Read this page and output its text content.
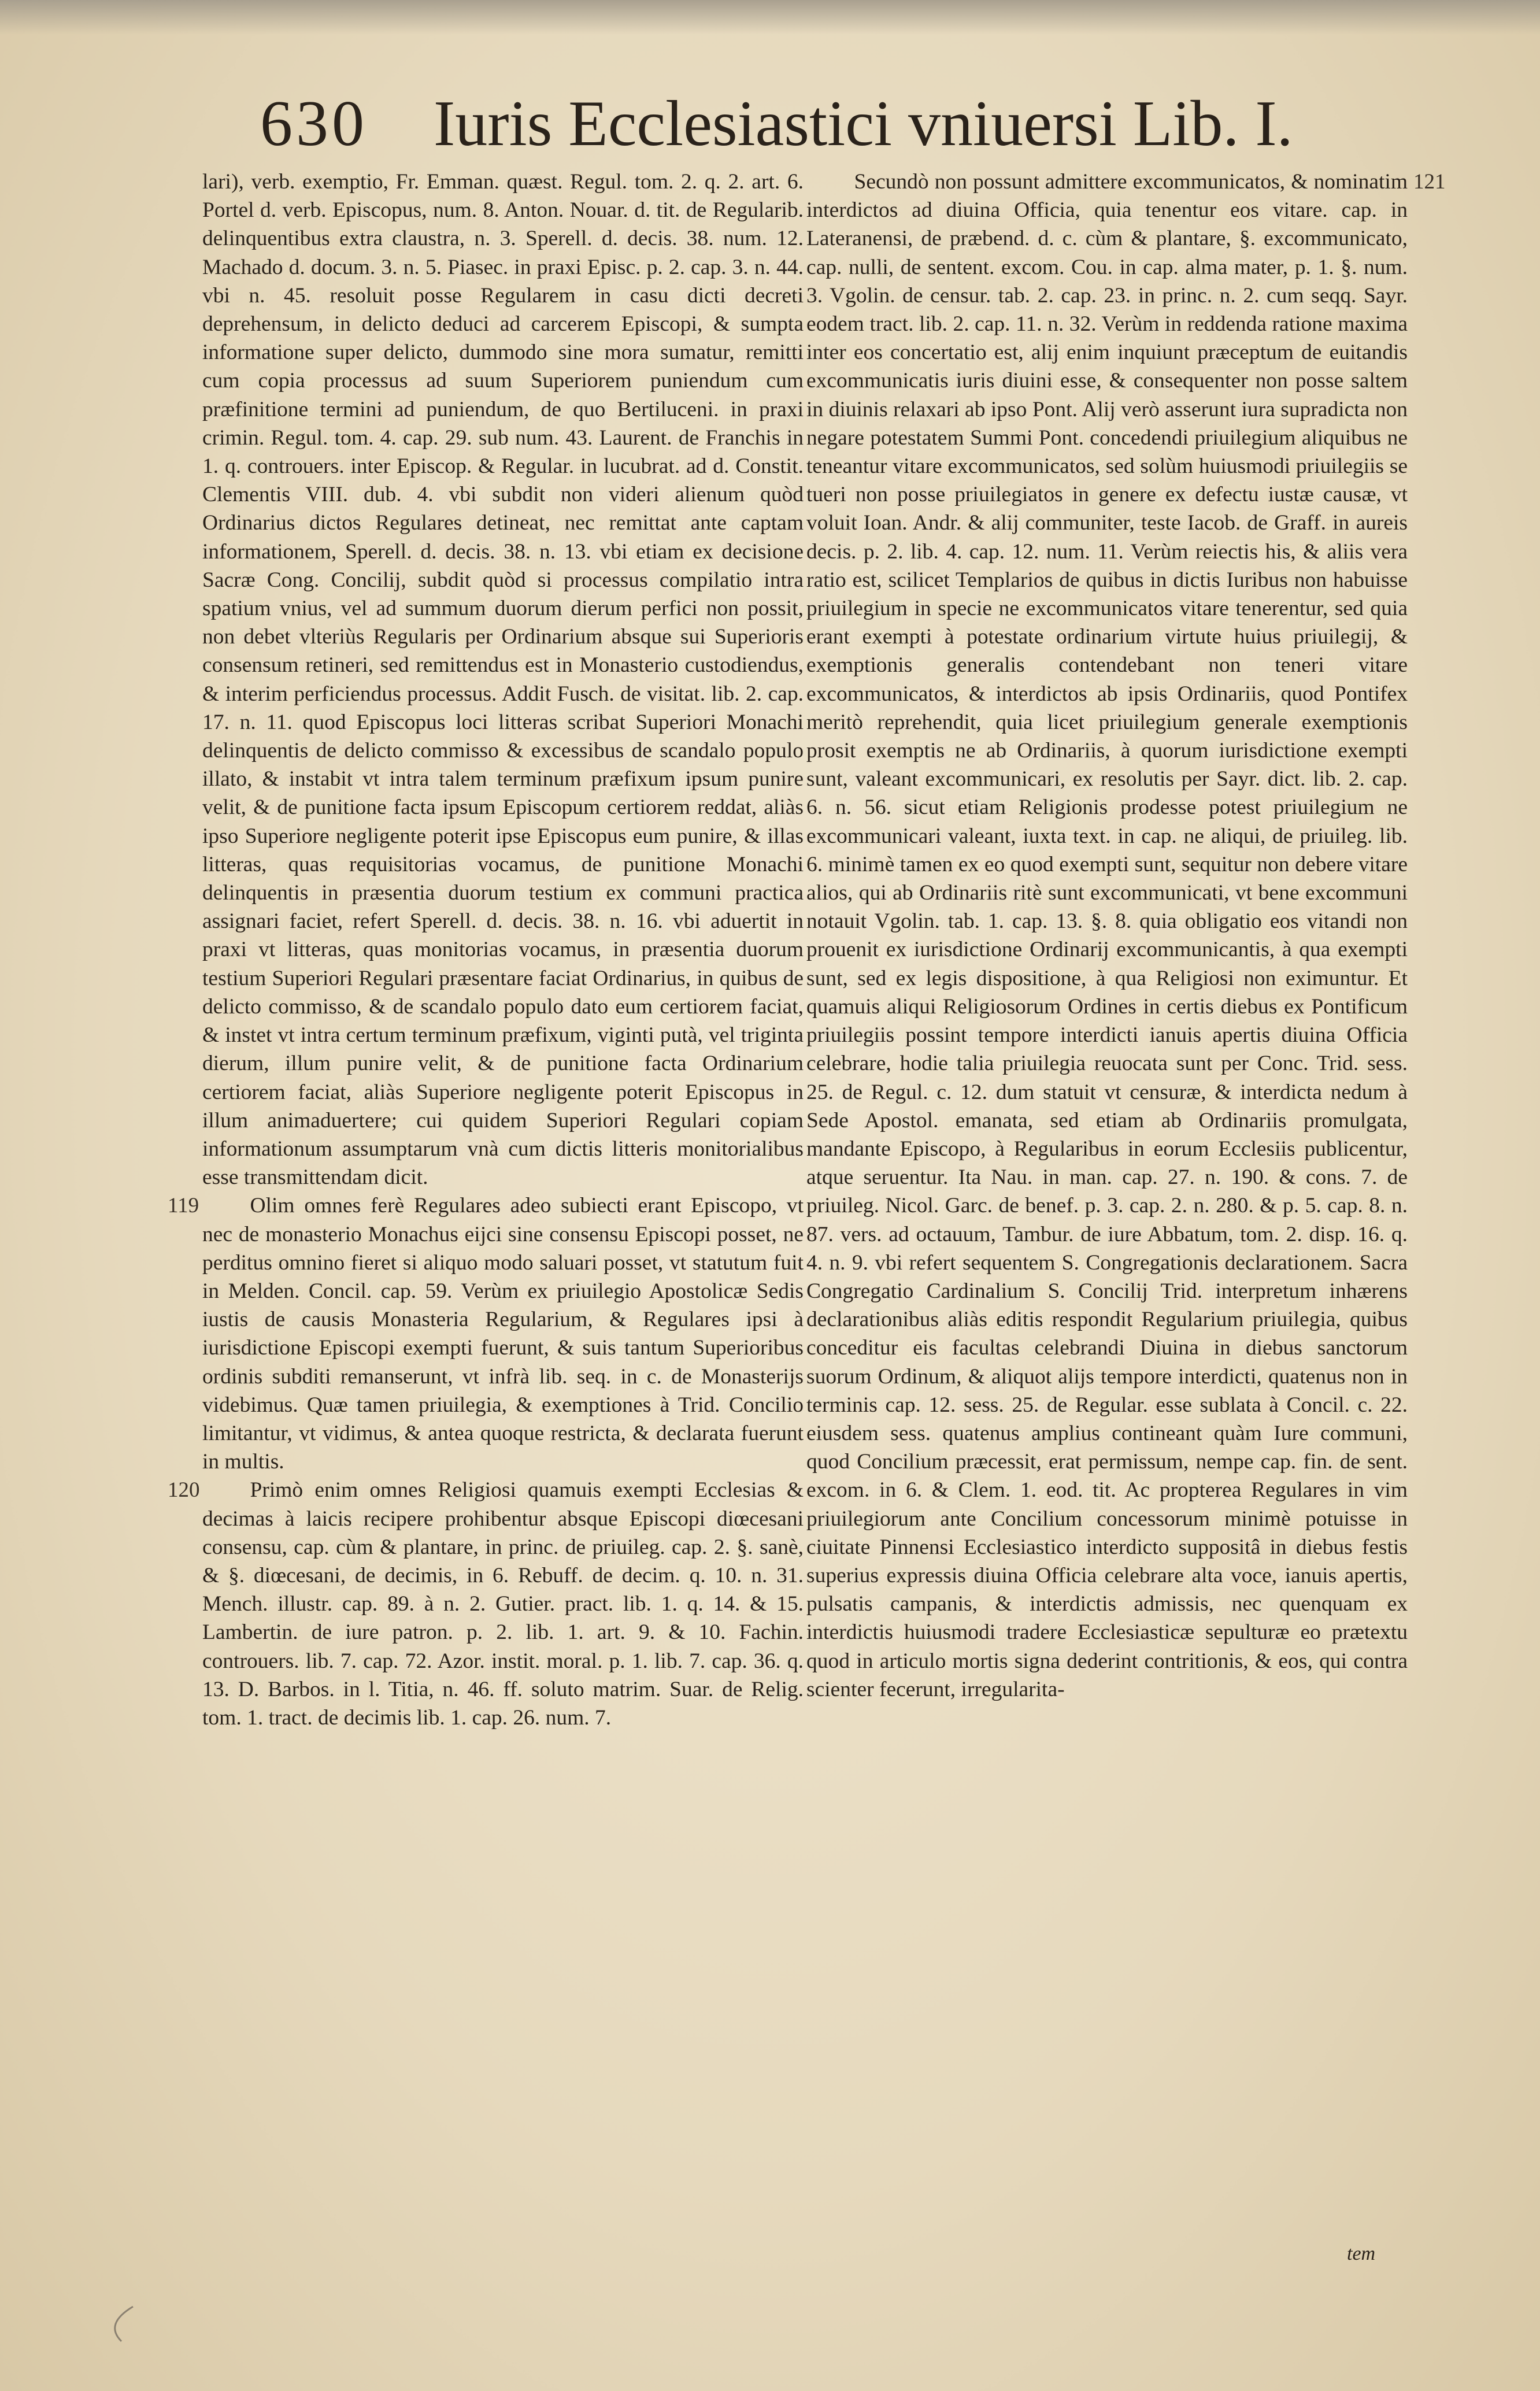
630 Iuris Ecclesiastici vniuersi Lib. I.

lari), verb. exemptio, Fr. Emman. quæst. Regul. tom. 2. q. 2. art. 6. Portel d. verb. Episcopus, num. 8. Anton. Nouar. d. tit. de Regularib. delinquentibus extra claustra, n. 3. Sperell. d. decis. 38. num. 12. Machado d. docum. 3. n. 5. Piasec. in praxi Episc. p. 2. cap. 3. n. 44. vbi n. 45. resoluit posse Regularem in casu dicti decreti deprehensum, in delicto deduci ad carcerem Episcopi, & sumpta informatione super delicto, dummodo sine mora sumatur, remitti cum copia processus ad suum Superiorem puniendum cum præfinitione termini ad puniendum, de quo Bertiluceni. in praxi crimin. Regul. tom. 4. cap. 29. sub num. 43. Laurent. de Franchis in 1. q. controuers. inter Episcop. & Regular. in lucubrat. ad d. Constit. Clementis VIII. dub. 4. vbi subdit non videri alienum quòd Ordinarius dictos Regulares detineat, nec remittat ante captam informationem, Sperell. d. decis. 38. n. 13. vbi etiam ex decisione Sacræ Cong. Concilij, subdit quòd si processus compilatio intra spatium vnius, vel ad summum duorum dierum perfici non possit, non debet vlteriùs Regularis per Ordinarium absque sui Superioris consensum retineri, sed remittendus est in Monasterio custodiendus, & interim perficiendus processus. Addit Fusch. de visitat. lib. 2. cap. 17. n. 11. quod Episcopus loci litteras scribat Superiori Monachi delinquentis de delicto commisso & excessibus de scandalo populo illato, & instabit vt intra talem terminum præfixum ipsum punire velit, & de punitione facta ipsum Episcopum certiorem reddat, aliàs ipso Superiore negligente poterit ipse Episcopus eum punire, & illas litteras, quas requisitorias vocamus, de punitione Monachi delinquentis in præsentia duorum testium ex communi practica assignari faciet, refert Sperell. d. decis. 38. n. 16. vbi aduertit in praxi vt litteras, quas monitorias vocamus, in præsentia duorum testium Superiori Regulari præsentare faciat Ordinarius, in quibus de delicto commisso, & de scandalo populo dato eum certiorem faciat, & instet vt intra certum terminum præfixum, viginti putà, vel triginta dierum, illum punire velit, & de punitione facta Ordinarium certiorem faciat, aliàs Superiore negligente poterit Episcopus in illum animaduertere; cui quidem Superiori Regulari copiam informationum assumptarum vnà cum dictis litteris monitorialibus esse transmittendam dicit.

119	Olim omnes ferè Regulares adeo subiecti erant Episcopo, vt nec de monasterio Monachus eijci sine consensu Episcopi posset, ne perditus omnino fieret si aliquo modo saluari posset, vt statutum fuit in Melden. Concil. cap. 59. Verùm ex priuilegio Apostolicæ Sedis iustis de causis Monasteria Regularium, & Regulares ipsi à iurisdictione Episcopi exempti fuerunt, & suis tantum Superioribus ordinis subditi remanserunt, vt infrà lib. seq. in c. de Monasterijs videbimus. Quæ tamen priuilegia, & exemptiones à Trid. Concilio limitantur, vt vidimus, & antea quoque restricta, & declarata fuerunt in multis.

120	Primò enim omnes Religiosi quamuis exempti Ecclesias & decimas à laicis recipere prohibentur absque Episcopi diœcesani consensu, cap. cùm & plantare, in princ. de priuileg. cap. 2. §. sanè, & §. diœcesani, de decimis, in 6. Rebuff. de decim. q. 10. n. 31. Mench. illustr. cap. 89. à n. 2. Gutier. pract. lib. 1. q. 14. & 15. Lambertin. de iure patron. p. 2. lib. 1. art. 9. & 10. Fachin. controuers. lib. 7. cap. 72. Azor. instit. moral. p. 1. lib. 7. cap. 36. q. 13. D. Barbos. in l. Titia, n. 46. ff. soluto matrim. Suar. de Relig. tom. 1. tract. de decimis lib. 1. cap. 26. num. 7.

121

Secundò non possunt admittere excommunicatos, & nominatim interdictos ad diuina Officia, quia tenentur eos vitare. cap. in Lateranensi, de præbend. d. c. cùm & plantare, §. excommunicato, cap. nulli, de sentent. excom. Cou. in cap. alma mater, p. 1. §. num. 3. Vgolin. de censur. tab. 2. cap. 23. in princ. n. 2. cum seqq. Sayr. eodem tract. lib. 2. cap. 11. n. 32. Verùm in reddenda ratione maxima inter eos concertatio est, alij enim inquiunt præceptum de euitandis excommunicatis iuris diuini esse, & consequenter non posse saltem in diuinis relaxari ab ipso Pont. Alij verò asserunt iura supradicta non negare potestatem Summi Pont. concedendi priuilegium aliquibus ne teneantur vitare excommunicatos, sed solùm huiusmodi priuilegiis se tueri non posse priuilegiatos in genere ex defectu iustæ causæ, vt voluit Ioan. Andr. & alij communiter, teste Iacob. de Graff. in aureis decis. p. 2. lib. 4. cap. 12. num. 11. Verùm reiectis his, & aliis vera ratio est, scilicet Templarios de quibus in dictis Iuribus non habuisse priuilegium in specie ne excommunicatos vitare tenerentur, sed quia erant exempti à potestate ordinarium virtute huius priuilegij, & exemptionis generalis contendebant non teneri vitare excommunicatos, & interdictos ab ipsis Ordinariis, quod Pontifex meritò reprehendit, quia licet priuilegium generale exemptionis prosit exemptis ne ab Ordinariis, à quorum iurisdictione exempti sunt, valeant excommunicari, ex resolutis per Sayr. dict. lib. 2. cap. 6. n. 56. sicut etiam Religionis prodesse potest priuilegium ne excommunicari valeant, iuxta text. in cap. ne aliqui, de priuileg. lib. 6. minimè tamen ex eo quod exempti sunt, sequitur non debere vitare alios, qui ab Ordinariis ritè sunt excommunicati, vt bene excommuni notauit Vgolin. tab. 1. cap. 13. §. 8. quia obligatio eos vitandi non prouenit ex iurisdictione Ordinarij excommunicantis, à qua exempti sunt, sed ex legis dispositione, à qua Religiosi non eximuntur. Et quamuis aliqui Religiosorum Ordines in certis diebus ex Pontificum priuilegiis possint tempore interdicti ianuis apertis diuina Officia celebrare, hodie talia priuilegia reuocata sunt per Conc. Trid. sess. 25. de Regul. c. 12. dum statuit vt censuræ, & interdicta nedum à Sede Apostol. emanata, sed etiam ab Ordinariis promulgata, mandante Episcopo, à Regularibus in eorum Ecclesiis publicentur, atque seruentur. Ita Nau. in man. cap. 27. n. 190. & cons. 7. de priuileg. Nicol. Garc. de benef. p. 3. cap. 2. n. 280. & p. 5. cap. 8. n. 87. vers. ad octauum, Tambur. de iure Abbatum, tom. 2. disp. 16. q. 4. n. 9. vbi refert sequentem S. Congregationis declarationem. Sacra Congregatio Cardinalium S. Concilij Trid. interpretum inhærens declarationibus aliàs editis respondit Regularium priuilegia, quibus conceditur eis facultas celebrandi Diuina in diebus sanctorum suorum Ordinum, & aliquot alijs tempore interdicti, quatenus non in terminis cap. 12. sess. 25. de Regular. esse sublata à Concil. c. 22. eiusdem sess. quatenus amplius contineant quàm Iure communi, quod Concilium præcessit, erat permissum, nempe cap. fin. de sent. excom. in 6. & Clem. 1. eod. tit. Ac propterea Regulares in vim priuilegiorum ante Concilium concessorum minimè potuisse in ciuitate Pinnensi Ecclesiastico interdicto suppositâ in diebus festis superius expressis diuina Officia celebrare alta voce, ianuis apertis, pulsatis campanis, & interdictis admissis, nec quenquam ex interdictis huiusmodi tradere Ecclesiasticæ sepulturæ eo prætextu quod in articulo mortis signa dederint contritionis, & eos, qui contra scienter fecerunt, irregularita-

tem
